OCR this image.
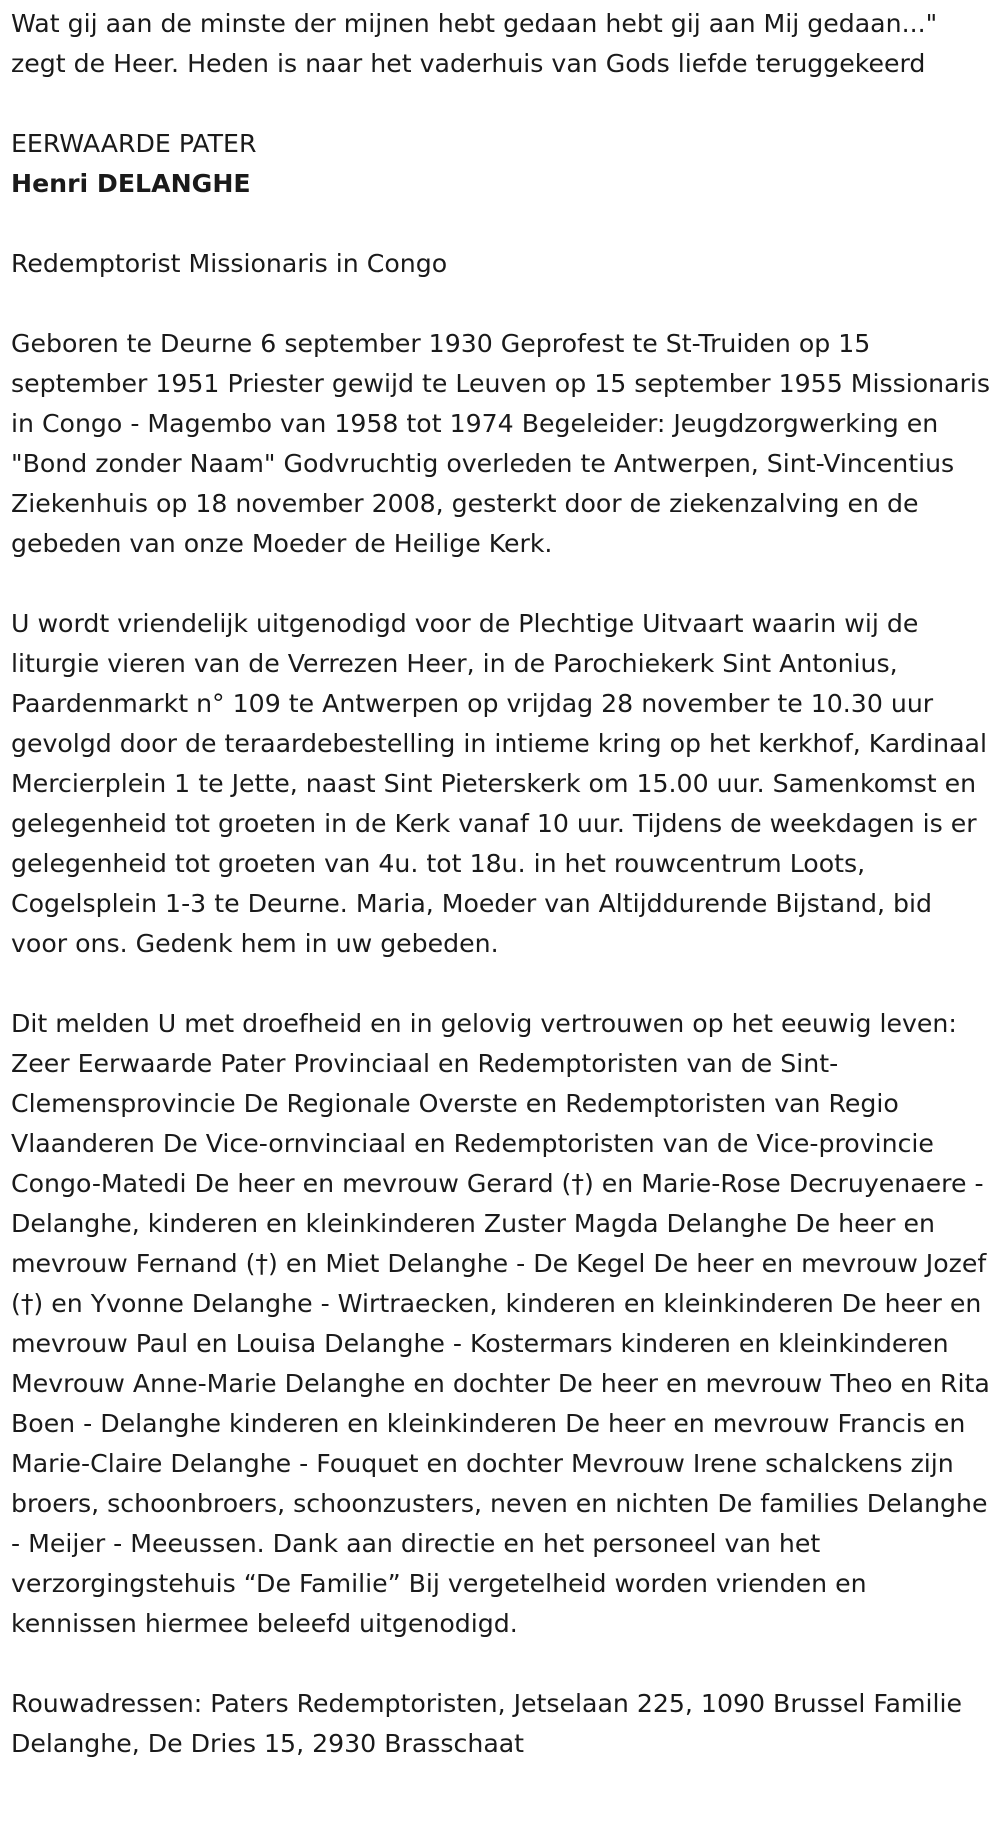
Wat gij aan de minste der mijnen hebt gedaan hebt gij aan Mij gedaan..." zegt de Heer. Heden is naar het vaderhuis van Gods liefde teruggekeerd

EERWAARDE PATER

Henri DELANGHE

Redemptorist Missionaris in Congo

Geboren te Deurne 6 september 1930 Geprofest te St-Truiden op 15 september 1951 Priester gewijd te Leuven op 15 september 1955 Missionaris in Congo - Magembo van 1958 tot 1974 Begeleider: Jeugdzorgwerking en "Bond zonder Naam" Godvruchtig overleden te Antwerpen, Sint-Vincentius Ziekenhuis op 18 november 2008, gesterkt door de ziekenzalving en de gebeden van onze Moeder de Heilige Kerk.

U wordt vriendelijk uitgenodigd voor de Plechtige Uitvaart waarin wij de liturgie vieren van de Verrezen Heer, in de Parochiekerk Sint Antonius, Paardenmarkt n° 109 te Antwerpen op vrijdag 28 november te 10.30 uur gevolgd door de teraardebestelling in intieme kring op het kerkhof, Kardinaal Mercierplein 1 te Jette, naast Sint Pieterskerk om 15.00 uur. Samenkomst en gelegenheid tot groeten in de Kerk vanaf 10 uur. Tijdens de weekdagen is er gelegenheid tot groeten van 4u. tot 18u. in het rouwcentrum Loots, Cogelsplein 1-3 te Deurne. Maria, Moeder van Altijddurende Bijstand, bid voor ons. Gedenk hem in uw gebeden.

Dit melden U met droefheid en in gelovig vertrouwen op het eeuwig leven: Zeer Eerwaarde Pater Provinciaal en Redemptoristen van de Sint-Clemensprovincie De Regionale Overste en Redemptoristen van Regio Vlaanderen De Vice-ornvinciaal en Redemptoristen van de Vice-provincie Congo-Matedi De heer en mevrouw Gerard (†) en Marie-Rose Decruyenaere - Delanghe, kinderen en kleinkinderen Zuster Magda Delanghe De heer en mevrouw Fernand (†) en Miet Delanghe - De Kegel De heer en mevrouw Jozef (†) en Yvonne Delanghe - Wirtraecken, kinderen en kleinkinderen De heer en mevrouw Paul en Louisa Delanghe - Kostermars kinderen en kleinkinderen Mevrouw Anne-Marie Delanghe en dochter De heer en mevrouw Theo en Rita Boen - Delanghe kinderen en kleinkinderen De heer en mevrouw Francis en Marie-Claire Delanghe - Fouquet en dochter Mevrouw Irene schalckens zijn broers, schoonbroers, schoonzusters, neven en nichten De families Delanghe - Meijer - Meeussen. Dank aan directie en het personeel van het verzorgingstehuis “De Familie” Bij vergetelheid worden vrienden en kennissen hiermee beleefd uitgenodigd.

Rouwadressen: Paters Redemptoristen, Jetselaan 225, 1090 Brussel Familie Delanghe, De Dries 15, 2930 Brasschaat
